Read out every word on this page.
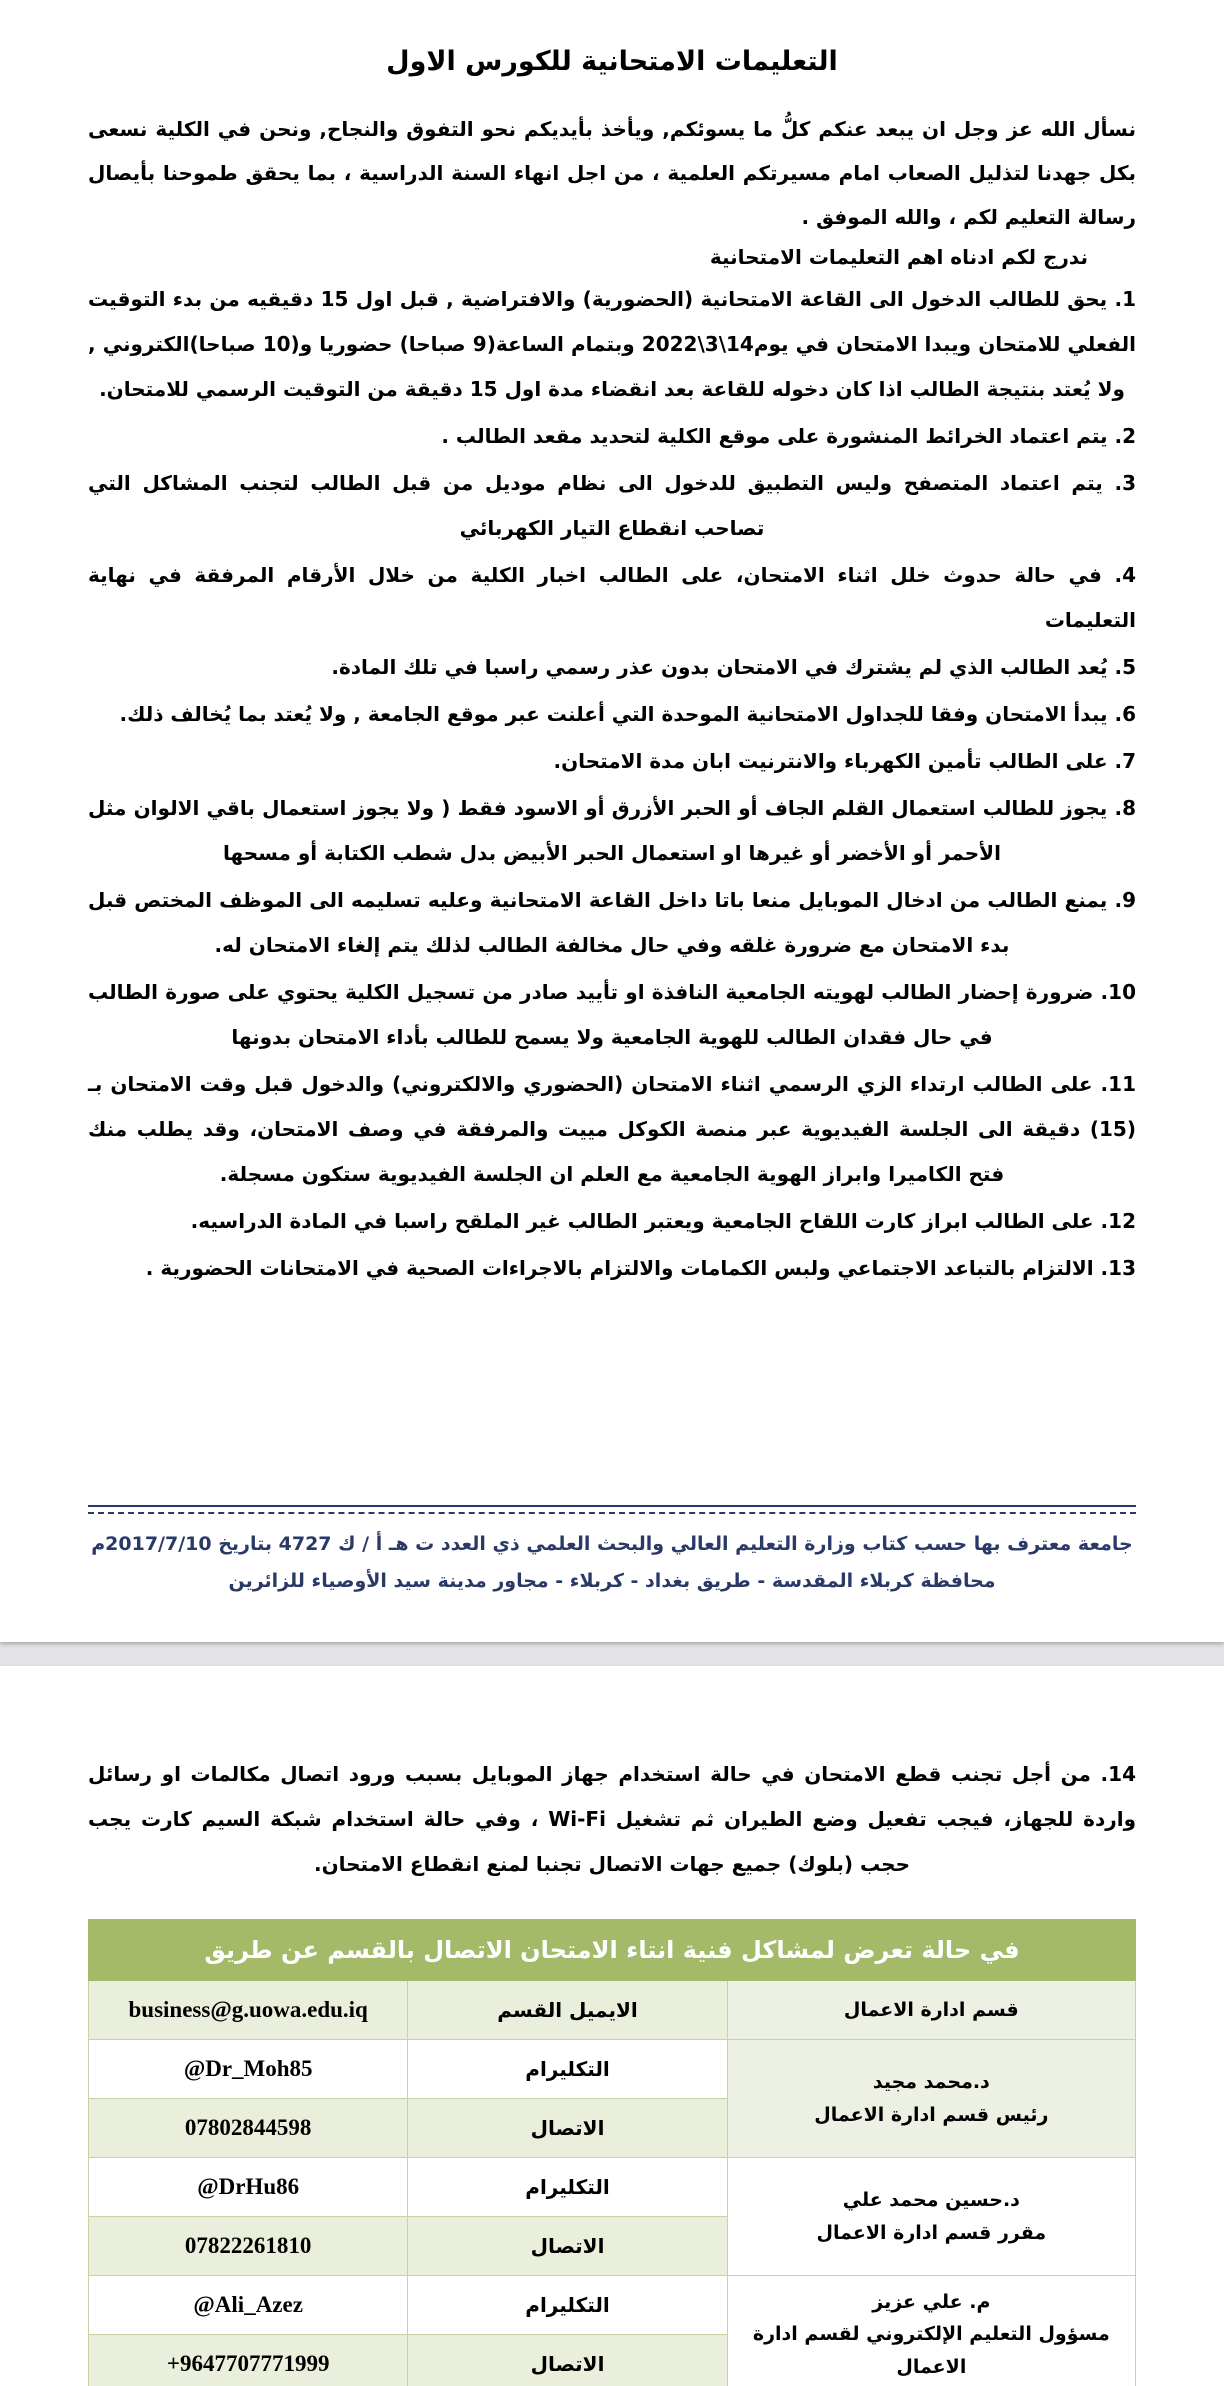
التعليمات الامتحانية للكورس الاول

نسأل الله عز وجل ان يبعد عنكم كلُّ ما يسوئكم, ويأخذ بأيديكم نحو التفوق والنجاح, ونحن في الكلية نسعى بكل جهدنا لتذليل الصعاب امام مسيرتكم العلمية ، من اجل انهاء السنة الدراسية ، بما يحقق طموحنا بأيصال رسالة التعليم لكم ، والله الموفق .

ندرج لكم ادناه اهم التعليمات الامتحانية

1. يحق للطالب الدخول الى القاعة الامتحانية (الحضورية) والافتراضية , قبل اول 15 دقيقيه من بدء التوقيت الفعلي للامتحان ويبدا الامتحان في يوم14\3\2022 وبتمام الساعة(9 صباحا) حضوريا و(10 صباحا)الكتروني , ولا يُعتد بنتيجة الطالب اذا كان دخوله للقاعة بعد انقضاء مدة اول 15 دقيقة من التوقيت الرسمي للامتحان.
2. يتم اعتماد الخرائط المنشورة على موقع الكلية لتحديد مقعد الطالب .
3. يتم اعتماد المتصفح وليس التطبيق للدخول الى نظام موديل من قبل الطالب لتجنب المشاكل التي تصاحب انقطاع التيار الكهربائي
4. في حالة حدوث خلل اثناء الامتحان، على الطالب اخبار الكلية من خلال الأرقام المرفقة في نهاية التعليمات
5. يُعد الطالب الذي لم يشترك في الامتحان بدون عذر رسمي راسبا في تلك المادة.
6. يبدأ الامتحان وفقا للجداول الامتحانية الموحدة التي أعلنت عبر موقع الجامعة , ولا يُعتد بما يُخالف ذلك.
7. على الطالب تأمين الكهرباء والانترنيت ابان مدة الامتحان.
8. يجوز للطالب استعمال القلم الجاف أو الحبر الأزرق أو الاسود فقط ( ولا يجوز استعمال باقي الالوان مثل الأحمر أو الأخضر أو غيرها او استعمال الحبر الأبيض بدل شطب الكتابة أو مسحها
9. يمنع الطالب من ادخال الموبايل منعا باتا داخل القاعة الامتحانية وعليه تسليمه الى الموظف المختص قبل بدء الامتحان مع ضرورة غلقه وفي حال مخالفة الطالب لذلك يتم إلغاء الامتحان له.
10. ضرورة إحضار الطالب لهويته الجامعية النافذة او تأييد صادر من تسجيل الكلية يحتوي على صورة الطالب في حال فقدان الطالب للهوية الجامعية ولا يسمح للطالب بأداء الامتحان بدونها
11. على الطالب ارتداء الزي الرسمي اثناء الامتحان (الحضوري والالكتروني) والدخول قبل وقت الامتحان بـ (15) دقيقة الى الجلسة الفيديوية عبر منصة الكوكل مييت والمرفقة في وصف الامتحان، وقد يطلب منك فتح الكاميرا وابراز الهوية الجامعية مع العلم ان الجلسة الفيديوية ستكون مسجلة.
12. على الطالب ابراز كارت اللقاح الجامعية ويعتبر الطالب غير الملقح راسبا في المادة الدراسيه.
13. الالتزام بالتباعد الاجتماعي ولبس الكمامات والالتزام بالاجراءات الصحية في الامتحانات الحضورية .
جامعة معترف بها حسب كتاب وزارة التعليم العالي والبحث العلمي ذي العدد ت هـ أ / ك 4727 بتاريخ 2017/7/10م
محافظة كربلاء المقدسة - طريق بغداد - كربلاء - مجاور مدينة سيد الأوصياء للزائرين
14. من أجل تجنب قطع الامتحان في حالة استخدام جهاز الموبايل بسبب ورود اتصال مكالمات او رسائل واردة للجهاز، فيجب تفعيل وضع الطيران ثم تشغيل Wi-Fi ، وفي حالة استخدام شبكة السيم كارت يجب حجب (بلوك) جميع جهات الاتصال تجنبا لمنع انقطاع الامتحان.
في حالة تعرض لمشاكل فنية انتاء الامتحان الاتصال بالقسم عن طريق		

قسم ادارة الاعمال	الايميل القسم	business@g.uowa.edu.iq

د.محمد مجيد
رئيس قسم ادارة الاعمال	التكليرام	@Dr_Moh85
	الاتصال	07802844598

د.حسين محمد علي
مقرر قسم ادارة الاعمال	التكليرام	@DrHu86
	الاتصال	07822261810

م. علي عزيز
مسؤول التعليم الإلكتروني لقسم ادارة الاعمال	التكليرام	@Ali_Azez
	الاتصال	+9647707771999
